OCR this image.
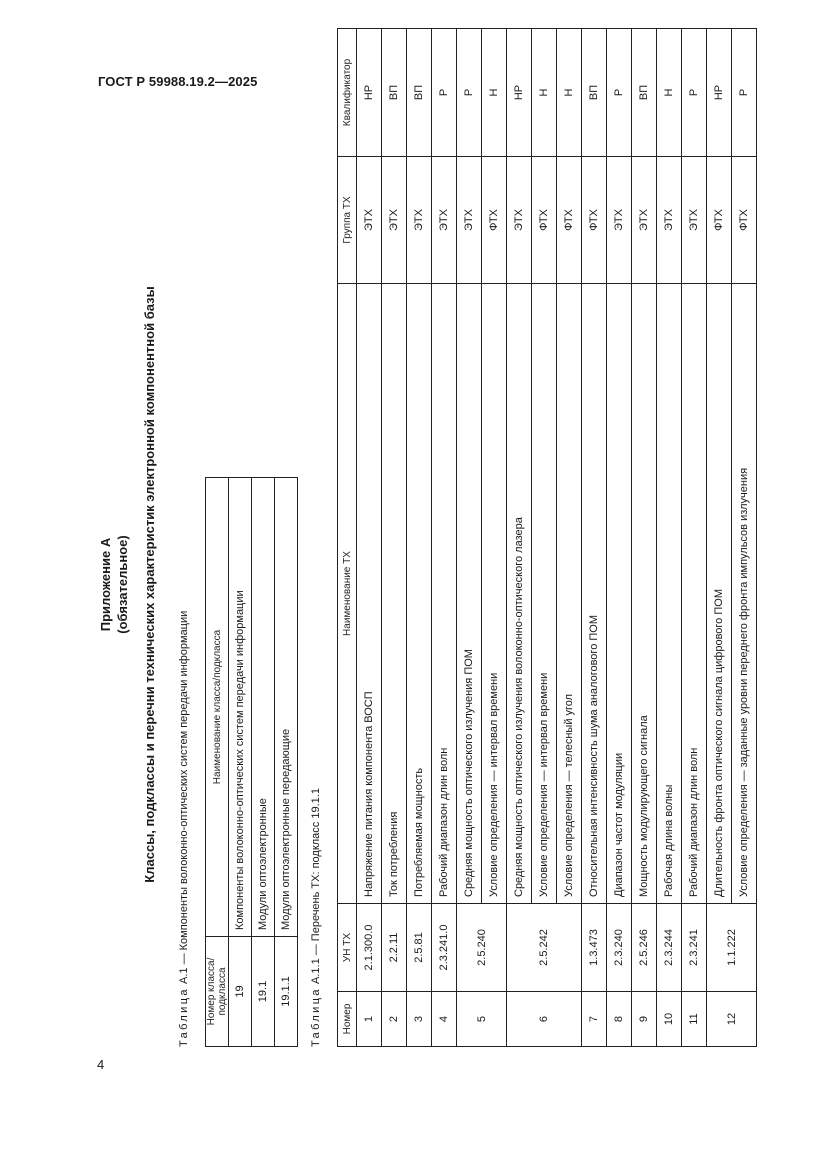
ГОСТ Р 59988.19.2—2025
4
Приложение А (обязательное) Классы, подклассы и перечни технических характеристик электронной компонентной базы
Таблица А.1 — Компоненты волоконно-оптических систем передачи информации
Номер класса/подкласса	Наименование класса/подкласса
19	Компоненты волоконно-оптических систем передачи информации
19.1	Модули оптоэлектронные
19.1.1	Модули оптоэлектронные передающие
Таблица А.1.1 — Перечень ТХ: подкласс 19.1.1
Номер	УН ТХ	Наименование ТХ	Группа ТХ	Квалификатор
1	2.1.300.0	Напряжение питания компонента ВОСП	ЭТХ	НР
2	2.2.11	Ток потребления	ЭТХ	ВП
3	2.5.81	Потребляемая мощность	ЭТХ	ВП
4	2.3.241.0	Рабочий диапазон длин волн	ЭТХ	Р
5	2.5.240	Средняя мощность оптического излучения ПОМ	ЭТХ	Р
		Условие определения — интервал времени	ФТХ	Н
6	2.5.242	Средняя мощность оптического излучения волоконно-оптического лазера	ЭТХ	НР
		Условие определения — интервал времени	ФТХ	Н
		Условие определения — телесный угол	ФТХ	Н
7	1.3.473	Относительная интенсивность шума аналогового ПОМ	ФТХ	ВП
8	2.3.240	Диапазон частот модуляции	ЭТХ	Р
9	2.5.246	Мощность модулирующего сигнала	ЭТХ	ВП
10	2.3.244	Рабочая длина волны	ЭТХ	Н
11	2.3.241	Рабочий диапазон длин волн	ЭТХ	Р
12	1.1.222	Длительность фронта оптического сигнала цифрового ПОМ	ФТХ	НР
		Условие определения — заданные уровни переднего фронта импульсов излучения	ФТХ	Р
